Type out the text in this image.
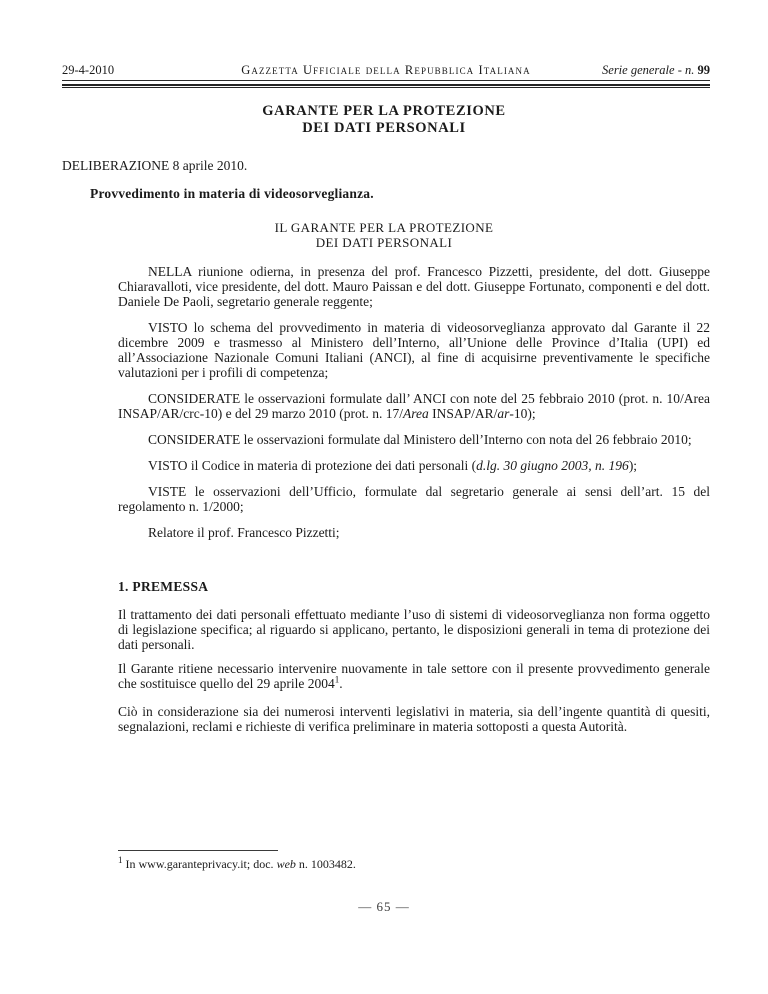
29-4-2010	Gazzetta Ufficiale della Repubblica Italiana	Serie generale - n. 99
GARANTE PER LA PROTEZIONE
DEI DATI PERSONALI
DELIBERAZIONE 8 aprile 2010.
Provvedimento in materia di videosorveglianza.
IL GARANTE PER LA PROTEZIONE
DEI DATI PERSONALI

NELLA riunione odierna, in presenza del prof. Francesco Pizzetti, presidente, del dott. Giuseppe Chiaravalloti, vice presidente, del dott. Mauro Paissan e del dott. Giuseppe Fortunato, componenti e del dott. Daniele De Paoli, segretario generale reggente;

VISTO lo schema del provvedimento in materia di videosorveglianza approvato dal Garante il 22 dicembre 2009 e trasmesso al Ministero dell’Interno, all’Unione delle Province d’Italia (UPI) ed all’Associazione Nazionale Comuni Italiani (ANCI), al fine di acquisirne preventivamente le specifiche valutazioni per i profili di competenza;

CONSIDERATE le osservazioni formulate dall’ ANCI con note del 25 febbraio 2010 (prot. n. 10/Area INSAP/AR/crc-10) e del 29 marzo 2010 (prot. n. 17/Area INSAP/AR/ar-10);

CONSIDERATE le osservazioni formulate dal Ministero dell’Interno con nota del 26 febbraio 2010;

VISTO il Codice in materia di protezione dei dati personali (d.lg. 30 giugno 2003, n. 196);

VISTE le osservazioni dell’Ufficio, formulate dal segretario generale ai sensi dell’art. 15 del regolamento n. 1/2000;

Relatore il prof. Francesco Pizzetti;

1. PREMESSA

Il trattamento dei dati personali effettuato mediante l’uso di sistemi di videosorveglianza non forma oggetto di legislazione specifica; al riguardo si applicano, pertanto, le disposizioni generali in tema di protezione dei dati personali.

Il Garante ritiene necessario intervenire nuovamente in tale settore con il presente provvedimento generale che sostituisce quello del 29 aprile 2004$^1$.

Ciò in considerazione sia dei numerosi interventi legislativi in materia, sia dell’ingente quantità di quesiti, segnalazioni, reclami e richieste di verifica preliminare in materia sottoposti a questa Autorità.

$^1$ In www.garanteprivacy.it; doc. web n. 1003482.
— 65 —
